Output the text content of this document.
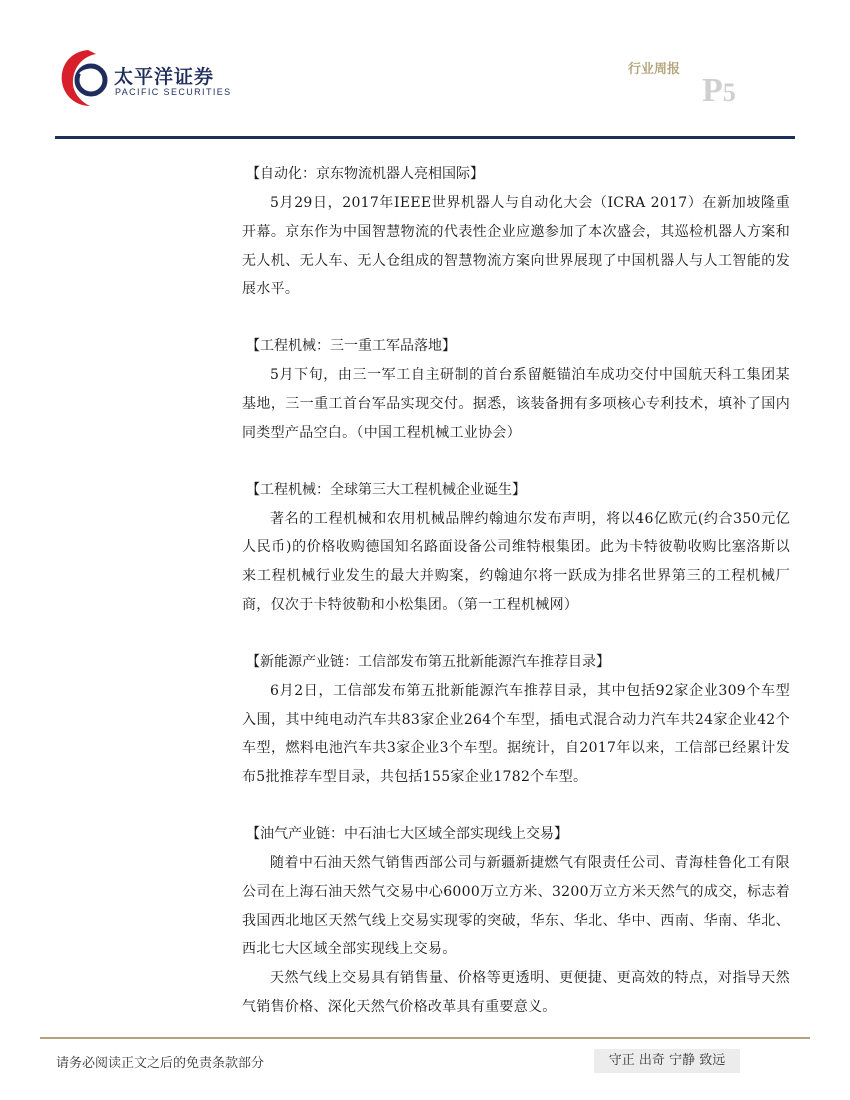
太平洋证券
PACIFIC SECURITIES
行业周报
P5
【自动化：京东物流机器人亮相国际】

5月29日，2017年IEEE世界机器人与自动化大会（ICRA 2017）在新加坡隆重开幕。京东作为中国智慧物流的代表性企业应邀参加了本次盛会，其巡检机器人方案和无人机、无人车、无人仓组成的智慧物流方案向世界展现了中国机器人与人工智能的发展水平。

【工程机械：三一重工军品落地】

5月下旬，由三一军工自主研制的首台系留艇锚泊车成功交付中国航天科工集团某基地，三一重工首台军品实现交付。据悉，该装备拥有多项核心专利技术，填补了国内同类型产品空白。（中国工程机械工业协会）

【工程机械：全球第三大工程机械企业诞生】

著名的工程机械和农用机械品牌约翰迪尔发布声明，将以46亿欧元(约合350元亿人民币)的价格收购德国知名路面设备公司维特根集团。此为卡特彼勒收购比塞洛斯以来工程机械行业发生的最大并购案，约翰迪尔将一跃成为排名世界第三的工程机械厂商，仅次于卡特彼勒和小松集团。（第一工程机械网）

【新能源产业链：工信部发布第五批新能源汽车推荐目录】

6月2日，工信部发布第五批新能源汽车推荐目录，其中包括92家企业309个车型入围，其中纯电动汽车共83家企业264个车型，插电式混合动力汽车共24家企业42个车型，燃料电池汽车共3家企业3个车型。据统计，自2017年以来，工信部已经累计发布5批推荐车型目录，共包括155家企业1782个车型。

【油气产业链：中石油七大区域全部实现线上交易】

随着中石油天然气销售西部公司与新疆新捷燃气有限责任公司、青海桂鲁化工有限公司在上海石油天然气交易中心6000万立方米、3200万立方米天然气的成交，标志着我国西北地区天然气线上交易实现零的突破，华东、华北、华中、西南、华南、华北、西北七大区域全部实现线上交易。

天然气线上交易具有销售量、价格等更透明、更便捷、更高效的特点，对指导天然气销售价格、深化天然气价格改革具有重要意义。

请务必阅读正文之后的免责条款部分	守正 出奇 宁静 致远
